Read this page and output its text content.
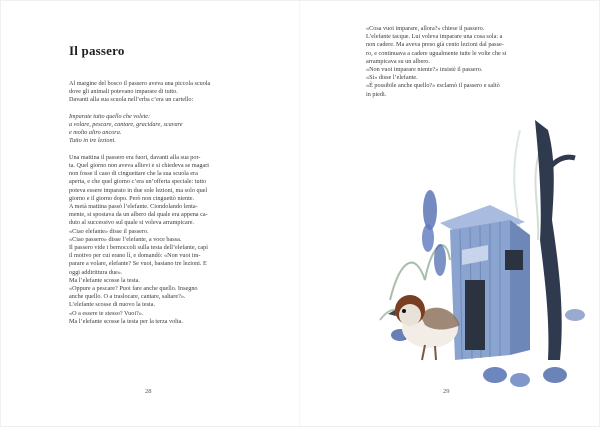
Il passero
Al margine del bosco il passero aveva una piccola scuola
dove gli animali potevano imparare di tutto.
Davanti alla sua scuola nell’erba c’era un cartello:
Imparate tutto quello che volete:
a volare, pescare, cantare, gracidare, scavare
e molto altro ancora.
Tutto in tre lezioni.
Una mattina il passero era fuori, davanti alla sua por-
ta. Quel giorno non aveva allievi e si chiedeva se magari
non fosse il caso di cinguettare che la sua scuola era
aperta, e che quel giorno c’era un’offerta speciale: tutto
poteva essere imparato in due sole lezioni, ma solo quel
giorno e il giorno dopo. Però non cinguettò niente.
A metà mattina passò l’elefante. Ciondolando lenta-
mente, si spostava da un albero dal quale era appena ca-
duto al successivo sul quale si voleva arrampicare.
«Ciao elefante» disse il passero.
«Ciao passero» disse l’elefante, a voce bassa.
Il passero vide i bernoccoli sulla testa dell’elefante, capì
il motivo per cui erano lì, e domandò: «Non vuoi im-
parare a volare, elefante? Se vuoi, bastano tre lezioni. E
oggi addirittura due».
Ma l’elefante scosse la testa.
«Oppure a pescare? Puoi fare anche quello. Insegno
anche quello. O a traslocare, cantare, saltare?».
L’elefante scosse di nuovo la testa.
«O a essere te stesso? Vuoi?».
Ma l’elefante scosse la testa per la terza volta.
28
«Cosa vuoi imparare, allora?» chiese il passero.
L’elefante tacque. Lui voleva imparare una cosa sola: a
non cadere. Ma aveva preso già cento lezioni dal passe-
ro, e continuava a cadere ugualmente tutte le volte che si
arrampicava su un albero.
«Non vuoi imparare niente?» insistè il passero.
«Sì» disse l’elefante.
«È possibile anche quello?» esclamò il passero e saltò
in piedi.
29
